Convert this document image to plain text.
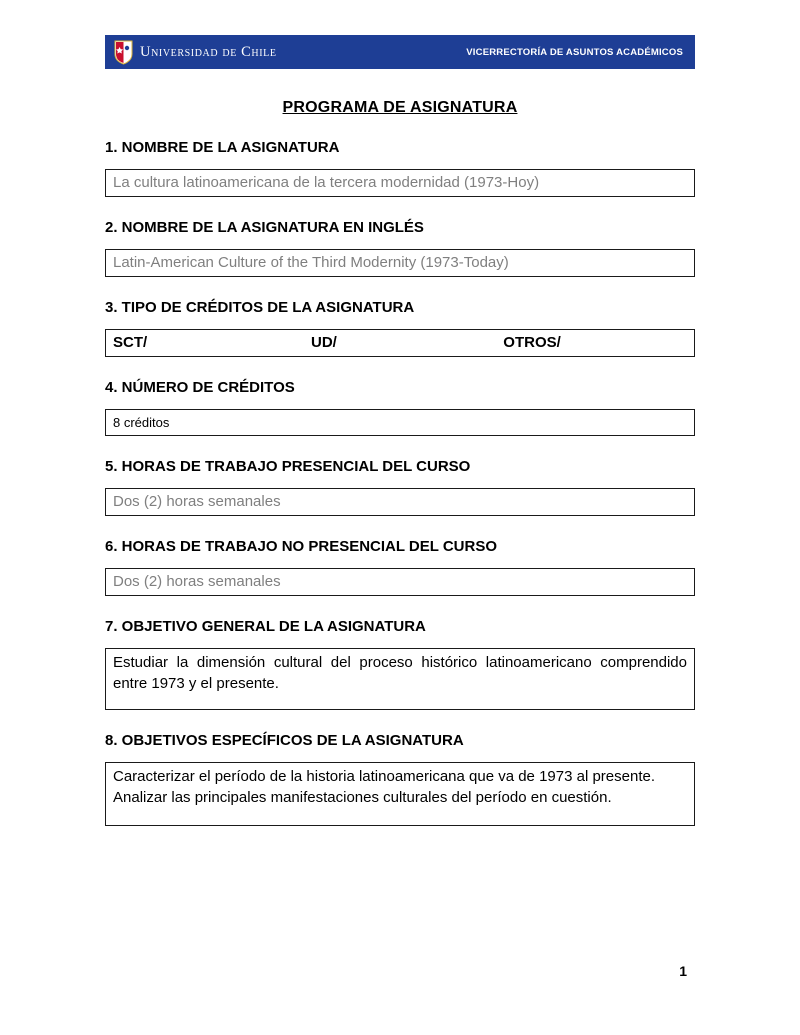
Universidad de Chile	VICERRECTORÍA DE ASUNTOS ACADÉMICOS
PROGRAMA DE ASIGNATURA
1. NOMBRE DE LA ASIGNATURA
La cultura latinoamericana de la tercera modernidad (1973-Hoy)
2. NOMBRE DE LA ASIGNATURA EN INGLÉS
Latin-American Culture of the Third Modernity (1973-Today)
3. TIPO DE CRÉDITOS DE LA ASIGNATURA
SCT/	UD/	OTROS/
4. NÚMERO DE CRÉDITOS
8 créditos
5. HORAS DE TRABAJO PRESENCIAL DEL CURSO
Dos (2) horas semanales
6. HORAS DE TRABAJO NO PRESENCIAL DEL CURSO
Dos (2) horas semanales
7. OBJETIVO GENERAL DE LA ASIGNATURA
Estudiar la dimensión cultural del proceso histórico latinoamericano comprendido entre 1973 y el presente.
8. OBJETIVOS ESPECÍFICOS DE LA ASIGNATURA
Caracterizar el período de la historia latinoamericana que va de 1973 al presente.
Analizar las principales manifestaciones culturales del período en cuestión.
1
